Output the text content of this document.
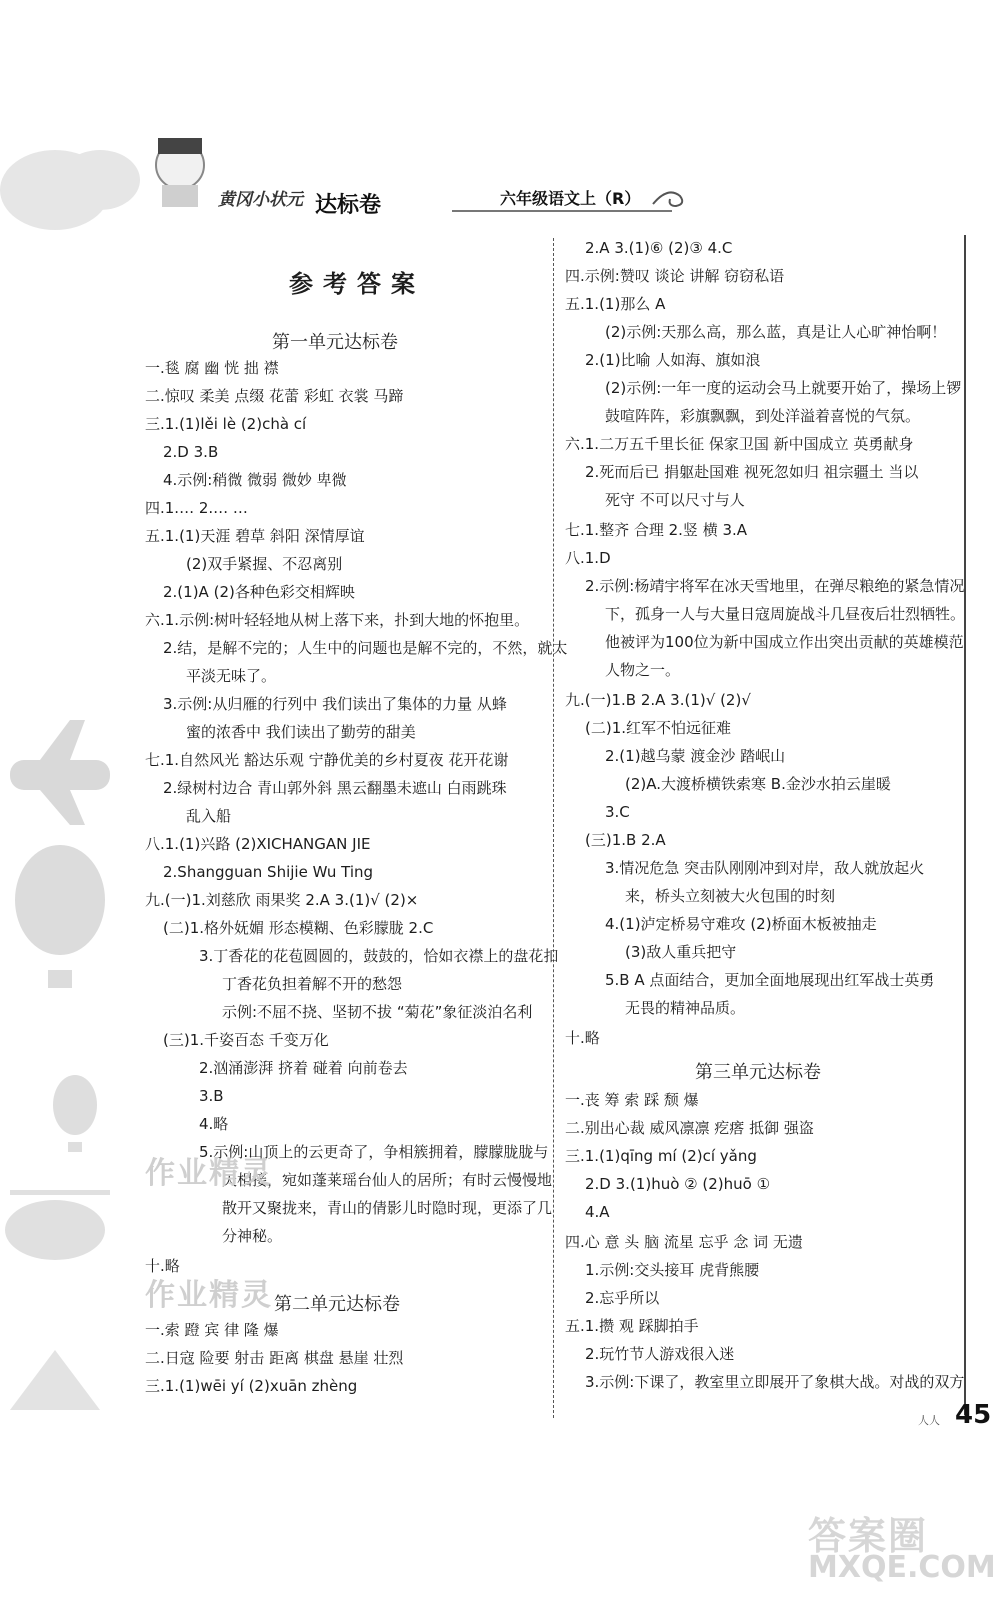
黄冈小状元 达标卷	六年级语文上（R）
参考答案
第一单元达标卷
一.毯 腐 幽 恍 拙 襟
二.惊叹 柔美 点缀 花蕾 彩虹 衣裳 马蹄
三.1.(1)lěi lè (2)chà cí
2.D 3.B
4.示例:稍微 微弱 微妙 卑微
四.1.… 2.… …
五.1.(1)天涯 碧草 斜阳 深情厚谊
(2)双手紧握、不忍离别
2.(1)A (2)各种色彩交相辉映
六.1.示例:树叶轻轻地从树上落下来，扑到大地的怀抱里。
2.结，是解不完的；人生中的问题也是解不完的，不然，就太
平淡无味了。
3.示例:从归雁的行列中 我们读出了集体的力量 从蜂
蜜的浓香中 我们读出了勤劳的甜美
七.1.自然风光 豁达乐观 宁静优美的乡村夏夜 花开花谢
2.绿树村边合 青山郭外斜 黑云翻墨未遮山 白雨跳珠
乱入船
八.1.(1)兴路 (2)XICHANGAN JIE
2.Shangguan Shijie Wu Ting
九.(一)1.刘慈欣 雨果奖 2.A 3.(1)√ (2)×
(二)1.格外妩媚 形态模糊、色彩朦胧 2.C
3.丁香花的花苞圆圆的，鼓鼓的，恰如衣襟上的盘花扣
丁香花负担着解不开的愁怨
示例:不屈不挠、坚韧不拔 “菊花”象征淡泊名利
(三)1.千姿百态 千变万化
2.汹涌澎湃 挤着 碰着 向前卷去
3.B
4.略
5.示例:山顶上的云更奇了，争相簇拥着，朦朦胧胧与
天相接，宛如蓬莱瑶台仙人的居所；有时云慢慢地
散开又聚拢来，青山的倩影儿时隐时现，更添了几
分神秘。
十.略
第二单元达标卷
一.索 蹬 宾 律 隆 爆
二.日寇 险要 射击 距离 棋盘 悬崖 壮烈
三.1.(1)wēi yí (2)xuān zhèng
作业精灵
作业精灵
2.A 3.(1)⑥ (2)③ 4.C
四.示例:赞叹 谈论 讲解 窃窃私语
五.1.(1)那么 A
(2)示例:天那么高，那么蓝，真是让人心旷神怡啊！
2.(1)比喻 人如海、旗如浪
(2)示例:一年一度的运动会马上就要开始了，操场上锣
鼓喧阵阵，彩旗飘飘，到处洋溢着喜悦的气氛。
六.1.二万五千里长征 保家卫国 新中国成立 英勇献身
2.死而后已 捐躯赴国难 视死忽如归 祖宗疆土 当以
死守 不可以尺寸与人
七.1.整齐 合理 2.竖 横 3.A
八.1.D
2.示例:杨靖宇将军在冰天雪地里，在弹尽粮绝的紧急情况
下，孤身一人与大量日寇周旋战斗几昼夜后壮烈牺牲。
他被评为100位为新中国成立作出突出贡献的英雄模范
人物之一。
九.(一)1.B 2.A 3.(1)√ (2)√
(二)1.红军不怕远征难
2.(1)越乌蒙 渡金沙 踏岷山
(2)A.大渡桥横铁索寒 B.金沙水拍云崖暖
3.C
(三)1.B 2.A
3.情况危急 突击队刚刚冲到对岸，敌人就放起火
来，桥头立刻被大火包围的时刻
4.(1)泸定桥易守难攻 (2)桥面木板被抽走
(3)敌人重兵把守
5.B A 点面结合，更加全面地展现出红军战士英勇
无畏的精神品质。
十.略
第三单元达标卷
一.丧 筹 索 踩 颓 爆
二.别出心裁 威风凛凛 疙瘩 抵御 强盗
三.1.(1)qīng mí (2)cí yǎng
2.D 3.(1)huò ② (2)huō ①
4.A
四.心 意 头 脑 流星 忘乎 念 词 无遗
1.示例:交头接耳 虎背熊腰
2.忘乎所以
五.1.攒 观 踩脚拍手
2.玩竹节人游戏很入迷
3.示例:下课了，教室里立即展开了象棋大战。对战的双方
人人 45
答案圈
MXQE.COM
